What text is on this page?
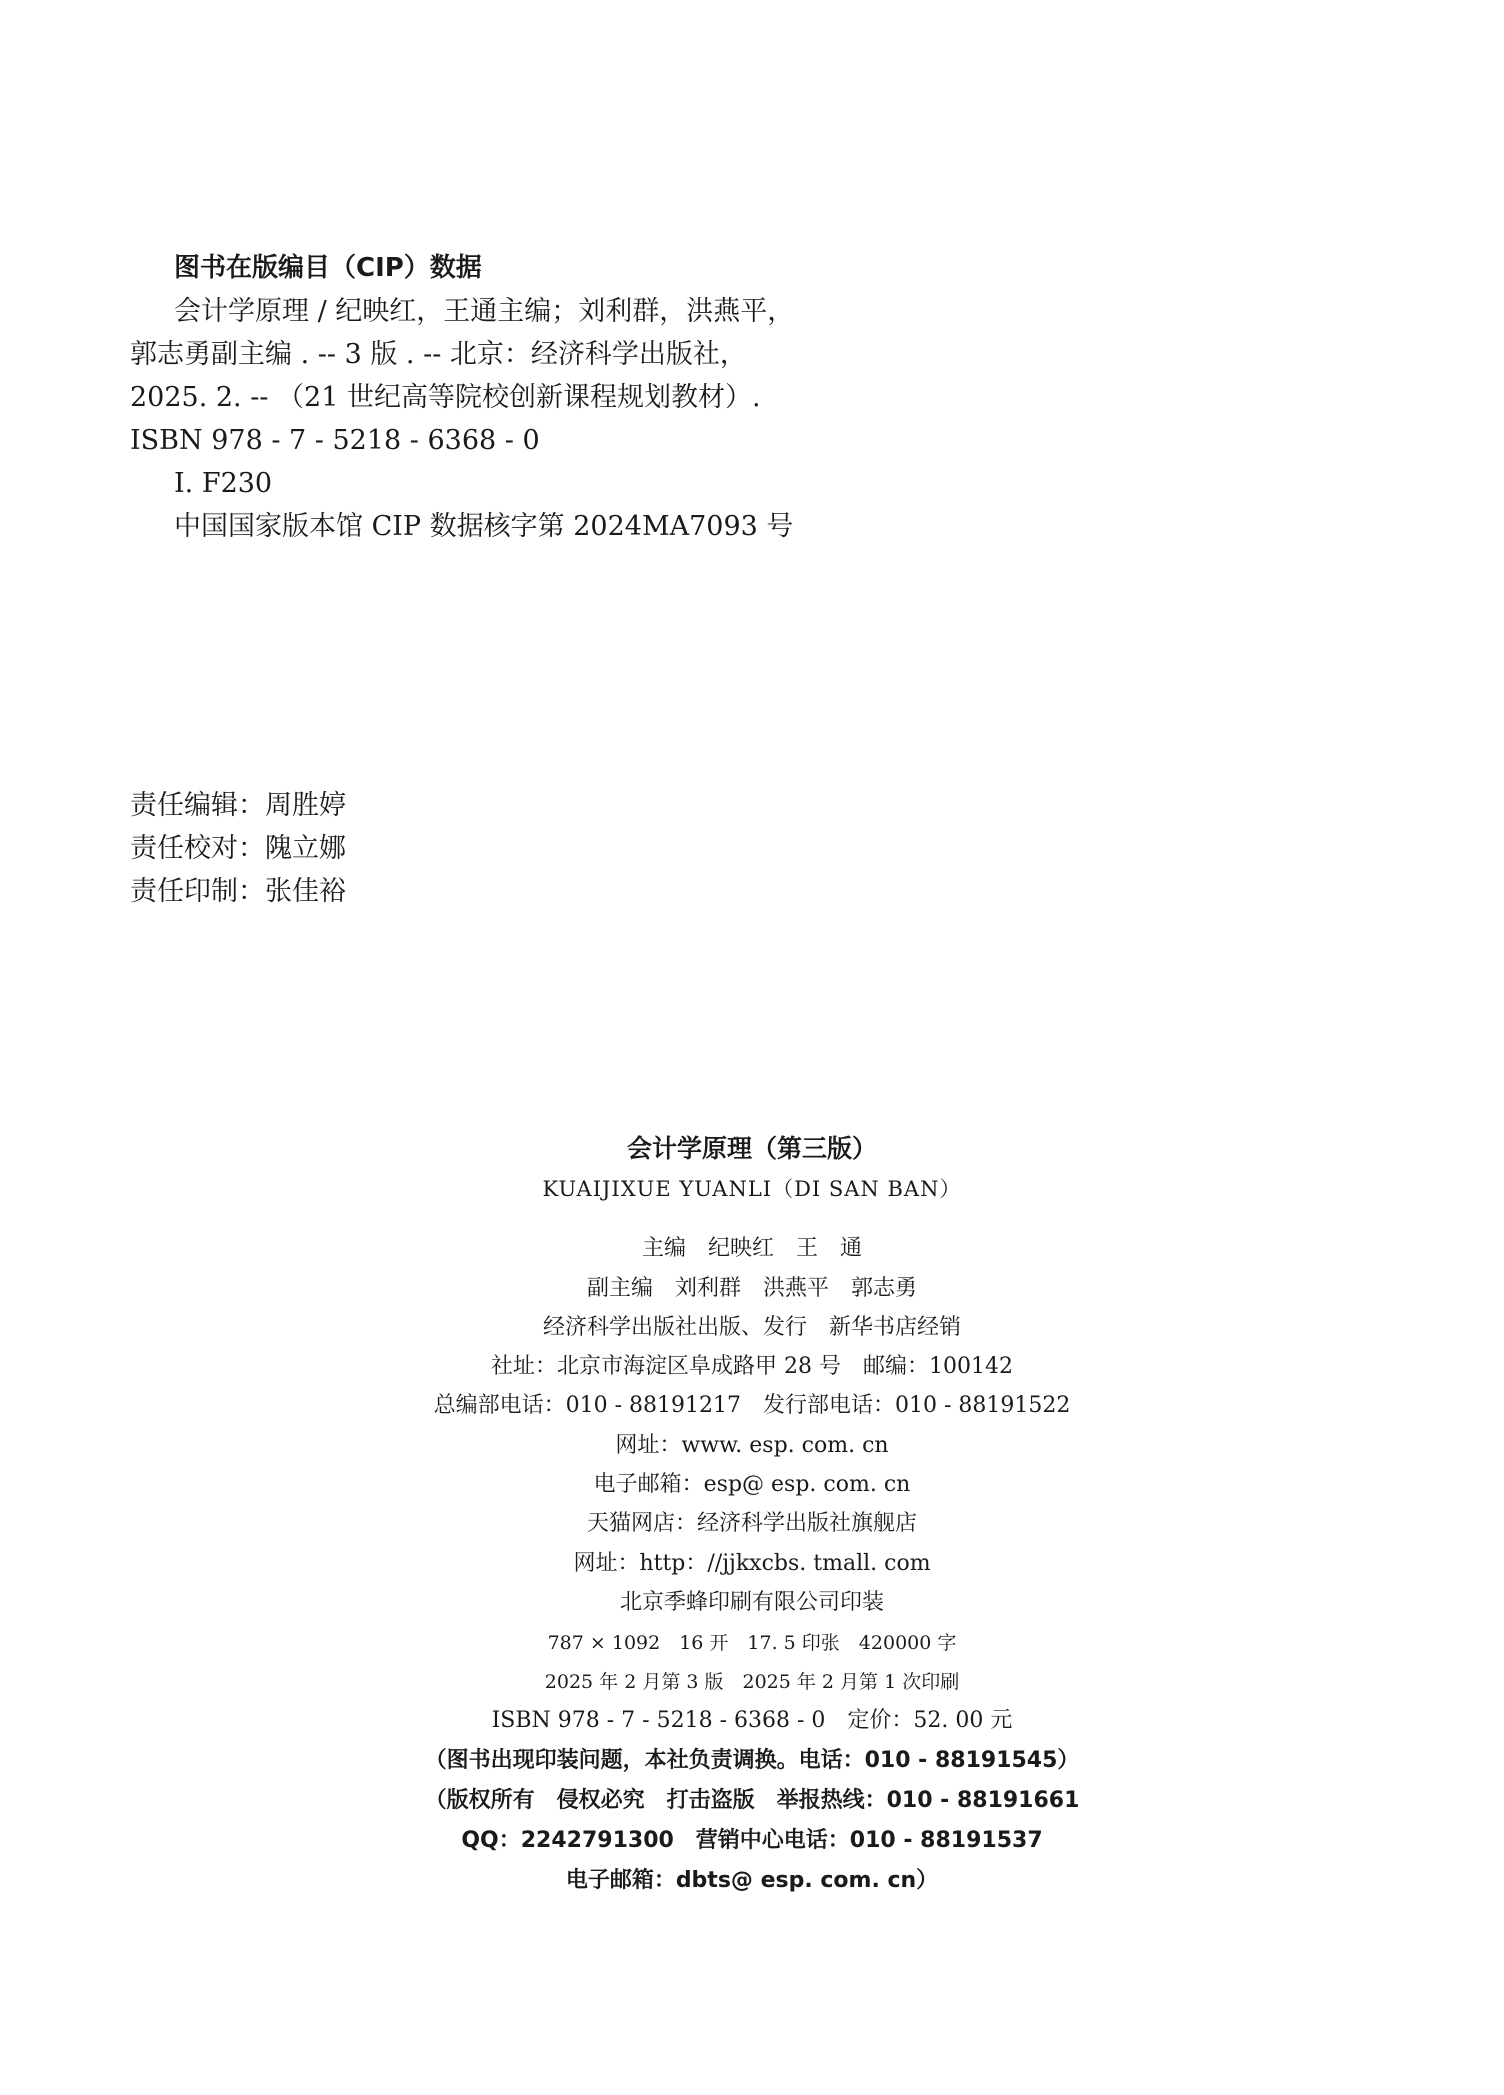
图书在版编目（CIP）数据
会计学原理 / 纪映红，王通主编；刘利群，洪燕平，
郭志勇副主编 . -- 3 版 . -- 北京：经济科学出版社，
2025. 2. -- （21 世纪高等院校创新课程规划教材）.
ISBN 978 - 7 - 5218 - 6368 - 0
Ⅰ. F230
中国国家版本馆 CIP 数据核字第 2024MA7093 号
责任编辑：周胜婷
责任校对：隗立娜
责任印制：张佳裕
会计学原理（第三版）
KUAIJIXUE YUANLI（DI SAN BAN）
主编　纪映红　王　通
副主编　刘利群　洪燕平　郭志勇
经济科学出版社出版、发行　新华书店经销
社址：北京市海淀区阜成路甲 28 号　邮编：100142
总编部电话：010 - 88191217　发行部电话：010 - 88191522
网址：www. esp. com. cn
电子邮箱：esp@ esp. com. cn
天猫网店：经济科学出版社旗舰店
网址：http：//jjkxcbs. tmall. com
北京季蜂印刷有限公司印装
787 × 1092　16 开　17. 5 印张　420000 字
2025 年 2 月第 3 版　2025 年 2 月第 1 次印刷
ISBN 978 - 7 - 5218 - 6368 - 0　定价：52. 00 元
（图书出现印装问题，本社负责调换。电话：010 - 88191545）
（版权所有　侵权必究　打击盗版　举报热线：010 - 88191661
QQ：2242791300　营销中心电话：010 - 88191537
电子邮箱：dbts@ esp. com. cn）
